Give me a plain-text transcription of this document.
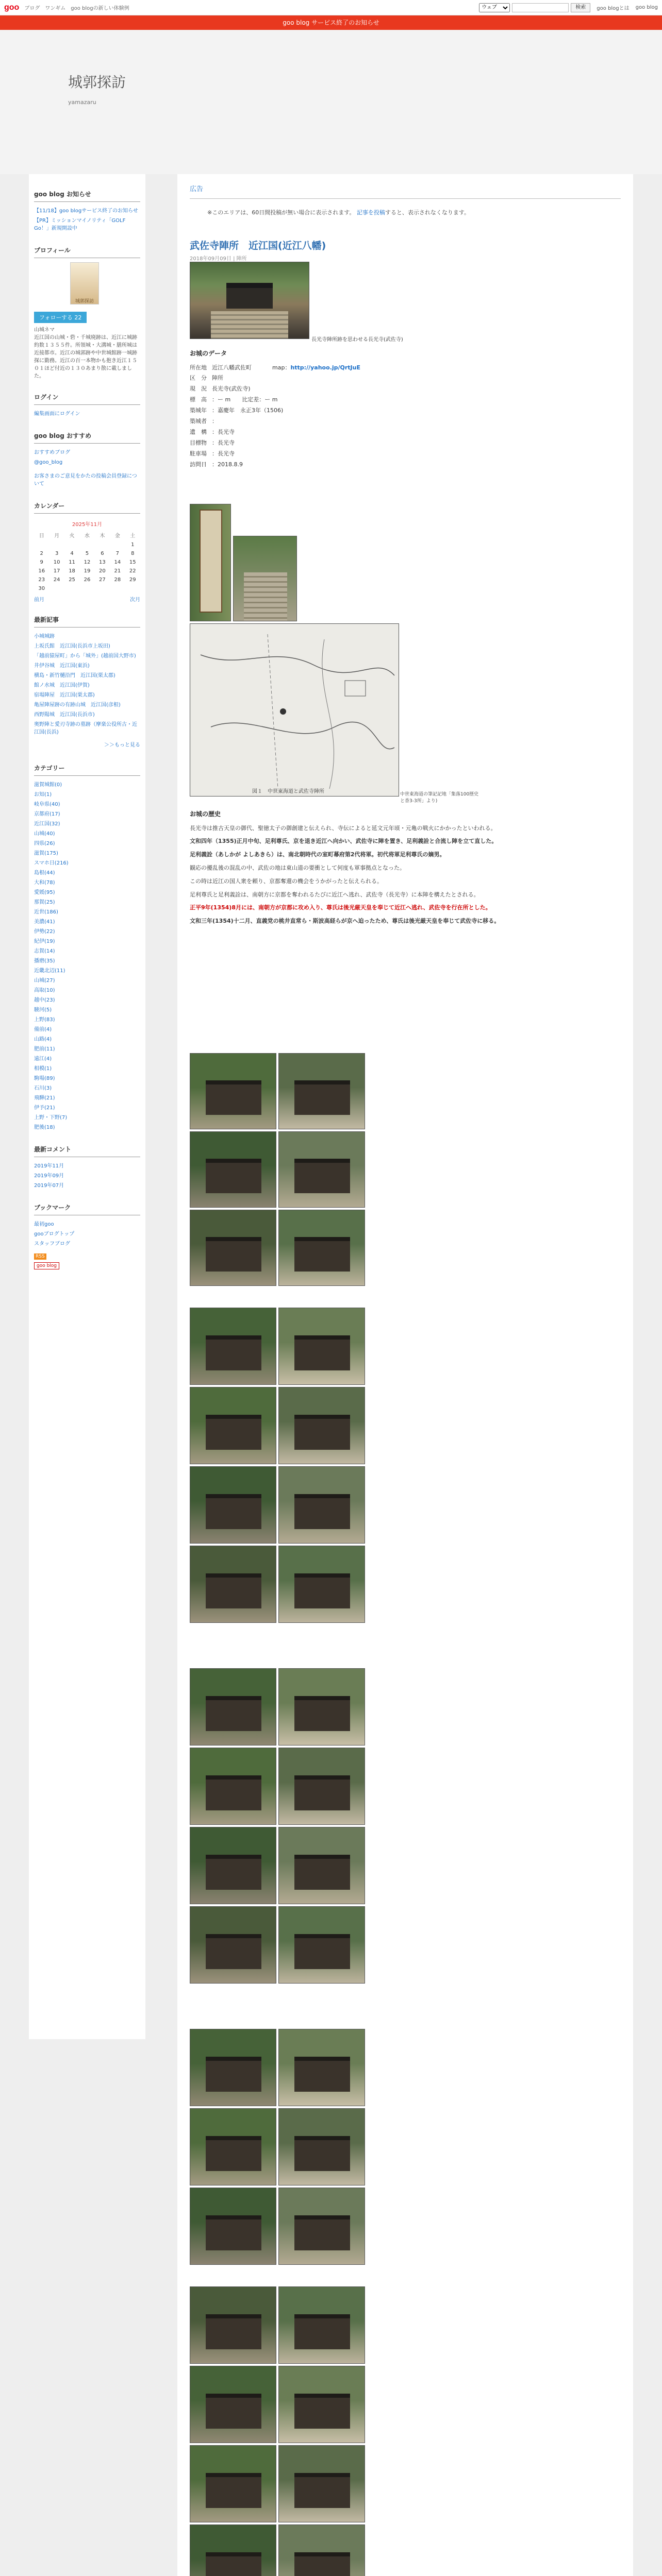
goo ブログ ワンギム goo blogの新しい体験例
ウェブ	検索	goo blogとは goo blog
goo blog サービス終了のお知らせ
城郭探訪
yamazaru
goo blog お知らせ
【11/18】goo blogサービス終了のお知らせ
【PR】ミッションマイノリティ「GOLF Go！」新規開設中
プロフィール
城郭探訪
フォローする 22
山城ネマ
近江国の山城・砦・千城廃跡は、近江に城跡約数１３５５件。所領城・大溝城・膳所城は近接都市。近江の城郭跡や中世城館跡一城跡探に勤務。近江の百一本物かも抱き近江１５０１ほど付近の１３０あまり散に載しました。
ログイン
編集画面にログイン
goo blog おすすめ
おすすめブログ
@goo_blog
お客さまのご意見をかたの投稿会員登録について
カレンダー
2025年11月
日	月	火	水	木	金	土
						1
2	3	4	5	6	7	8
9	10	11	12	13	14	15
16	17	18	19	20	21	22
23	24	25	26	27	28	29
30						
前月	次月
最新記事
小城城跡
上坂氏館　近江国(長浜市上坂田)
「越前猿屋町」から「城外」(越前国大野市)
井伊谷城　近江国(東浜)
横島・新竹樋沿門　近江国(栗太郡)
館ノ水城　近江国(伊賀)
宿場陣屋　近江国(栗太郡)
亀屋陣屋跡の有跡山城　近江国(彦根)
西野陽城　近江国(長浜市)
奥野陣と愛刃寺跡の墓跡（摩楽公役所古・近江国(長浜)
＞＞もっと見る
カテゴリー
滋賀城館(0)
お知(1)
岐阜県(40)
京都府(17)
近江国(32)
山城(40)
四県(26)
滋賀(175)
スマホ日(216)
島根(44)
大和(78)
愛媛(95)
那賀(25)
近世(186)
美濃(41)
伊勢(22)
紀伊(19)
志賀(14)
播磨(35)
近畿北辺(11)
山城(27)
高取(10)
越中(23)
駿河(5)
上野(83)
備前(4)
山路(4)
肥前(11)
遠江(4)
相模(1)
駒場(89)
石川(3)
飛騨(21)
伊予(21)
上野・下野(7)
肥後(18)
最新コメント
2019年11月
2019年09月
2019年07月
ブックマーク
最初goo
gooブログトップ
スタッフブログ
RSS
goo blog
広告
※このエリアは、60日間投稿が無い場合に表示されます。 記事を投稿すると、表示されなくなります。
武佐寺陣所　近江国(近江八幡)
2018年09月09日 | 陣所
長光寺陣所跡を思わせる長光寺(武佐寺)

お城のデータ

所在地 近江八幡武佐町	map：http://yahoo.jp/QrtJuE
区　分 陣所
現　況 長光寺(武佐寺)
標　高 ：ー m　　比定差：ー m
築城年 ：嘉慶年　永正3年（1506)
築城者 ：
遺　構 ：長光寺
目標物 ：長光寺
駐車場 ：長光寺
訪問日 ：2018.8.9
図１　中世東海道と武佐寺陣所　　	中世東海道の筆記記地「集落100歴史と香3-3所」より)

お城の歴史

長光寺は推古天皇の御代、聖徳太子の御創建と伝えられ、寺伝によると延文元年頃・元亀の戦火にかかったといわれる。

文和四年（1355)正月中旬、足利尊氏、京を退き近江へ向かい、武佐寺に陣を置き、足利義詮と合流し陣を立て直した。

足利義詮（あしかが よしあきら）は、南北朝時代の室町幕府第2代将軍。初代将軍足利尊氏の嫡男。

観応の擾乱後の混乱の中、武佐の地は東山道の要衝として何度も軍事拠点となった。

この時は近江の国人衆を頼り、京都奪還の機会をうかがったと伝えられる。

足利尊氏と足利義詮は、南朝方に京都を奪われるたびに近江へ逃れ、武佐寺（長光寺）に本陣を構えたとされる。

正平9年(1354)8月には、南朝方が京都に攻め入り、尊氏は後光厳天皇を奉じて近江へ逃れ、武佐寺を行在所とした。

文和三年(1354)十二月、直義党の桃井直常ら・斯波高経らが京へ迫ったため、尊氏は後光厳天皇を奉じて武佐寺に移る。
